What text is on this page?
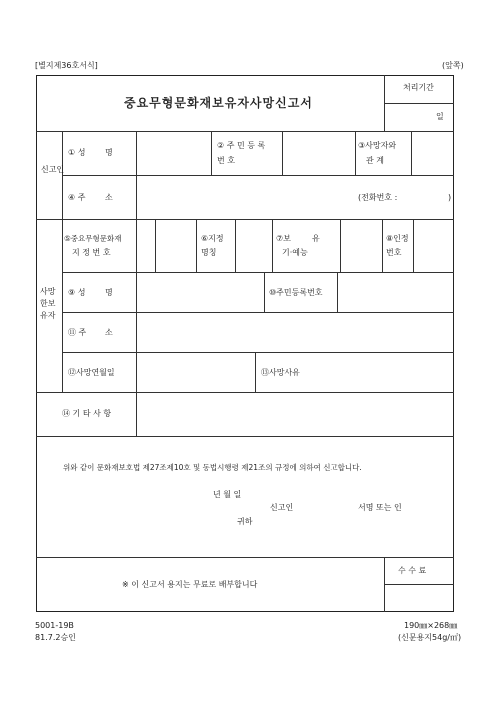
[별지제36호서식]	(앞쪽)
중요무형문화재보유자사망신고서
처리기간
일
신고인
① 성 명
② 주 민 등 록
번 호
③사망자와
관 계
④ 주 소	(전화번호 :	)
사망
한보
유자
⑤중요무형문화재
지 정 번 호
⑥지정
명칭
⑦보	유
기·예능
⑧인정
번호
⑨ 성 명	⑩주민등록번호
⑪ 주 소
⑫사망연월일	⑬사망사유
⑭ 기 타 사 항
위와 같이 문화재보호법 제27조제10호 및 동법시행령 제21조의 규정에 의하여 신고합니다.
년 월 일
신고인	서명 또는 인
귀하
※ 이 신고서 용지는 무료로 배부합니다
수 수 료
5001-19B
81.7.2승인
190㎜×268㎜
(신문용지54g/㎡)
